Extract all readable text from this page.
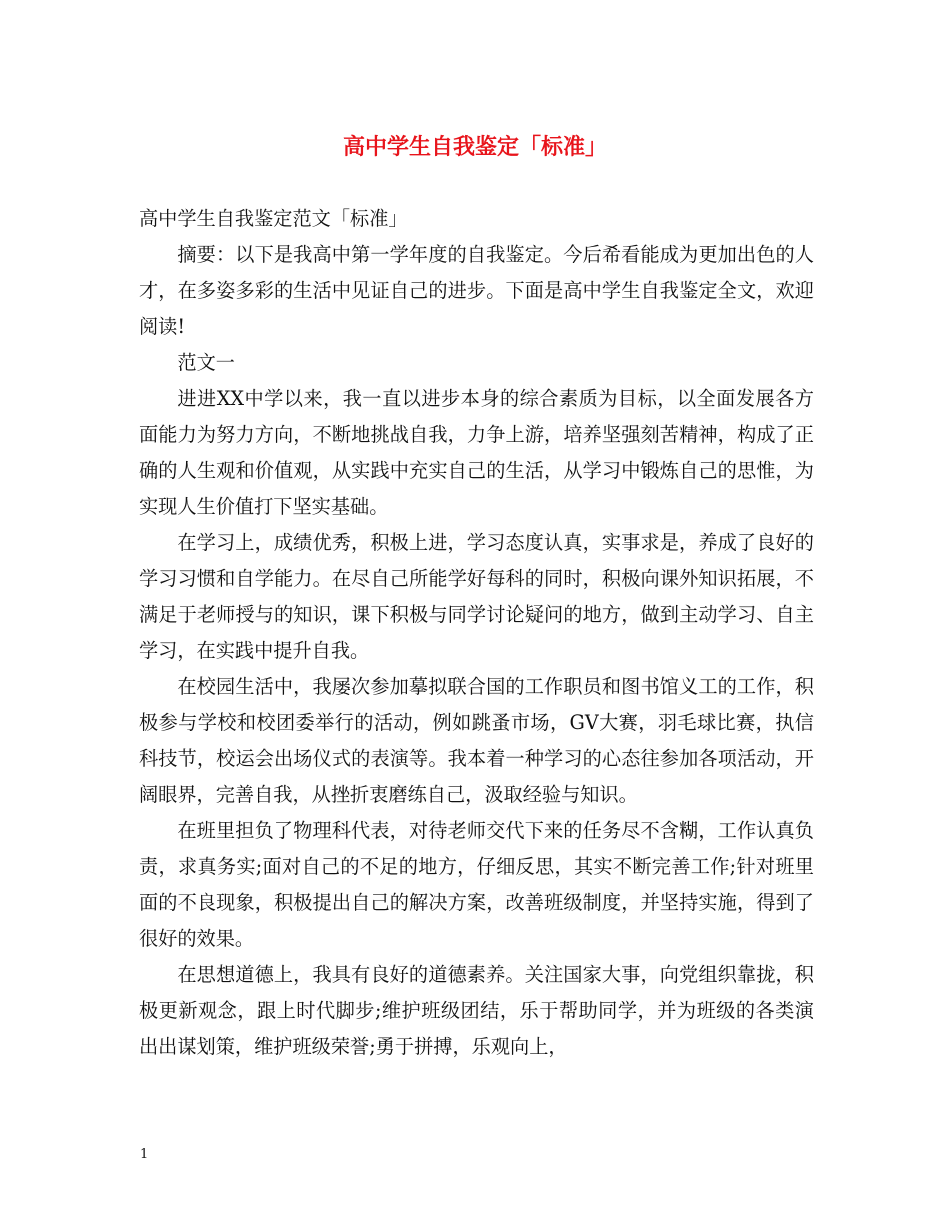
高中学生自我鉴定「标准」

高中学生自我鉴定范文「标准」

摘要：以下是我高中第一学年度的自我鉴定。今后希看能成为更加出色的人才，在多姿多彩的生活中见证自己的进步。下面是高中学生自我鉴定全文，欢迎阅读!

范文一

进进XX中学以来，我一直以进步本身的综合素质为目标，以全面发展各方面能力为努力方向，不断地挑战自我，力争上游，培养坚强刻苦精神，构成了正确的人生观和价值观，从实践中充实自己的生活，从学习中锻炼自己的思惟，为实现人生价值打下坚实基础。

在学习上，成绩优秀，积极上进，学习态度认真，实事求是，养成了良好的学习习惯和自学能力。在尽自己所能学好每科的同时，积极向课外知识拓展，不满足于老师授与的知识，课下积极与同学讨论疑问的地方，做到主动学习、自主学习，在实践中提升自我。

在校园生活中，我屡次参加摹拟联合国的工作职员和图书馆义工的工作，积极参与学校和校团委举行的活动，例如跳蚤市场，GV大赛，羽毛球比赛，执信科技节，校运会出场仪式的表演等。我本着一种学习的心态往参加各项活动，开阔眼界，完善自我，从挫折衷磨练自己，汲取经验与知识。

在班里担负了物理科代表，对待老师交代下来的任务尽不含糊，工作认真负责，求真务实;面对自己的不足的地方，仔细反思，其实不断完善工作;针对班里面的不良现象，积极提出自己的解决方案，改善班级制度，并坚持实施，得到了很好的效果。

在思想道德上，我具有良好的道德素养。关注国家大事，向党组织靠拢，积极更新观念，跟上时代脚步;维护班级团结，乐于帮助同学，并为班级的各类演出出谋划策，维护班级荣誉;勇于拼搏，乐观向上，

1
